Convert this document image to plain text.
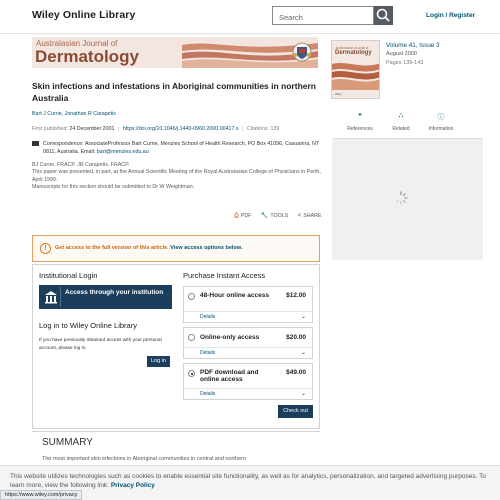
Wiley Online Library
Search	Login / Register
Australasian Journal of
Dermatology
Skin infections and infestations in Aboriginal communities in northern Australia
Bart J Currie, Jonathan R Carapetis
First published: 24 December 2001 | https://doi.org/10.1046/j.1440-0960.2000.00417.x | Citations: 139
Correspondence: AssociateProfessor Bart Currie, Menzies School of Health Research, PO Box 41096, Casuarina, NT 0811, Australia. Email: bart@menzies.edu.au
BJ Currie, FRACP. JR Carapetis, FRACP.
This paper was presented, in part, at the Annual Scientific Meeting of the Royal Australasian College of Physicians in Perth, April 1999.
Manuscripts for this section should be submitted to Dr W Weightman.
⎙ PDF 🔧 TOOLS < SHARE
!	Get access to the full version of this article. View access options below.
Institutional Login
Access through your institution
Log in to Wiley Online Library
If you have previously obtained access with your personal account, please log in.
Log in
Purchase Instant Access
48-Hour online access	$12.00
Details	⌄
Online-only access	$20.00
Details	⌄
PDF download and online access
$49.00
Details	⌄
Check out
SUMMARY
The most important skin infections in Aboriginal communities in central and northern
Australasian Journal of
Dermatology
Wiley
Volume 41, Issue 3
August 2000
Pages 139-143
❝
References
⛬
Related
ⓘ
Information
This website utilizes technologies such as cookies to enable essential site functionality, as well as for analytics, personalization, and targeted advertising purposes. To learn more, view the following link: Privacy Policy
https://www.wiley.com/privacy
